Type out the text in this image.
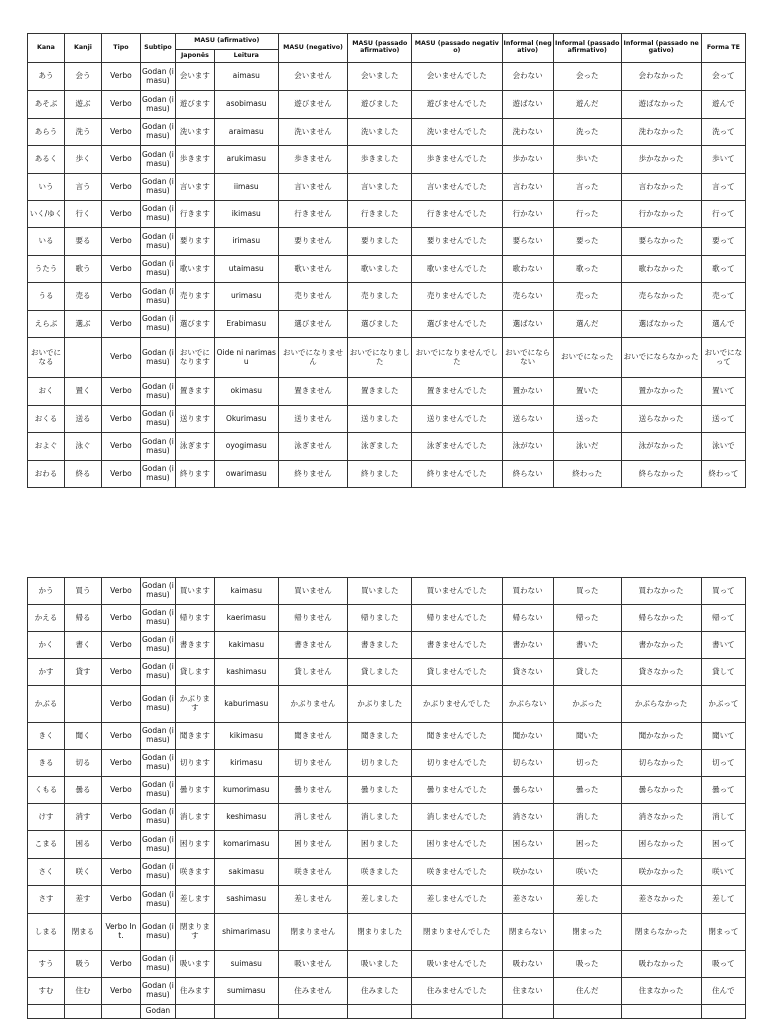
Kana	Kanji	Tipo	Subtipo	MASU (afirmativo)		MASU (negativo)	MASU (passado afirmativo)	MASU (passado negativo)	Informal (negativo)	Informal (passado afirmativo)	Informal (passado negativo)	Forma TE
				Japonês	Leitura							
あう	会う	Verbo	Godan (imasu)	会います	aimasu	会いません	会いました	会いませんでした	会わない	会った	会わなかった	会って
あそぶ	遊ぶ	Verbo	Godan (imasu)	遊びます	asobimasu	遊びません	遊びました	遊びませんでした	遊ばない	遊んだ	遊ばなかった	遊んで
あらう	洗う	Verbo	Godan (imasu)	洗います	araimasu	洗いません	洗いました	洗いませんでした	洗わない	洗った	洗わなかった	洗って
あるく	歩く	Verbo	Godan (imasu)	歩きます	arukimasu	歩きません	歩きました	歩きませんでした	歩かない	歩いた	歩かなかった	歩いて
いう	言う	Verbo	Godan (imasu)	言います	iimasu	言いません	言いました	言いませんでした	言わない	言った	言わなかった	言って
いく/ゆく	行く	Verbo	Godan (imasu)	行きます	ikimasu	行きません	行きました	行きませんでした	行かない	行った	行かなかった	行って
いる	要る	Verbo	Godan (imasu)	要ります	irimasu	要りません	要りました	要りませんでした	要らない	要った	要らなかった	要って
うたう	歌う	Verbo	Godan (imasu)	歌います	utaimasu	歌いません	歌いました	歌いませんでした	歌わない	歌った	歌わなかった	歌って
うる	売る	Verbo	Godan (imasu)	売ります	urimasu	売りません	売りました	売りませんでした	売らない	売った	売らなかった	売って
えらぶ	選ぶ	Verbo	Godan (imasu)	選びます	Erabimasu	選びません	選びました	選びませんでした	選ばない	選んだ	選ばなかった	選んで
おいでになる		Verbo	Godan (imasu)	おいでになります	Oide ni narimasu	おいでになりません	おいでになりました	おいでになりませんでした	おいでにならない	おいでになった	おいでにならなかった	おいでになって
おく	置く	Verbo	Godan (imasu)	置きます	okimasu	置きません	置きました	置きませんでした	置かない	置いた	置かなかった	置いて
おくる	送る	Verbo	Godan (imasu)	送ります	Okurimasu	送りません	送りました	送りませんでした	送らない	送った	送らなかった	送って
およぐ	泳ぐ	Verbo	Godan (imasu)	泳ぎます	oyogimasu	泳ぎません	泳ぎました	泳ぎませんでした	泳がない	泳いだ	泳がなかった	泳いで
おわる	終る	Verbo	Godan (imasu)	終ります	owarimasu	終りません	終りました	終りませんでした	終らない	終わった	終らなかった	終わって
かう	買う	Verbo	Godan (imasu)	買います	kaimasu	買いません	買いました	買いませんでした	買わない	買った	買わなかった	買って
かえる	帰る	Verbo	Godan (imasu)	帰ります	kaerimasu	帰りません	帰りました	帰りませんでした	帰らない	帰った	帰らなかった	帰って
かく	書く	Verbo	Godan (imasu)	書きます	kakimasu	書きません	書きました	書きませんでした	書かない	書いた	書かなかった	書いて
かす	貸す	Verbo	Godan (imasu)	貸します	kashimasu	貸しません	貸しました	貸しませんでした	貸さない	貸した	貸さなかった	貸して
かぶる		Verbo	Godan (imasu)	かぶります	kaburimasu	かぶりません	かぶりました	かぶりませんでした	かぶらない	かぶった	かぶらなかった	かぶって
きく	聞く	Verbo	Godan (imasu)	聞きます	kikimasu	聞きません	聞きました	聞きませんでした	聞かない	聞いた	聞かなかった	聞いて
きる	切る	Verbo	Godan (imasu)	切ります	kirimasu	切りません	切りました	切りませんでした	切らない	切った	切らなかった	切って
くもる	曇る	Verbo	Godan (imasu)	曇ります	kumorimasu	曇りません	曇りました	曇りませんでした	曇らない	曇った	曇らなかった	曇って
けす	消す	Verbo	Godan (imasu)	消します	keshimasu	消しません	消しました	消しませんでした	消さない	消した	消さなかった	消して
こまる	困る	Verbo	Godan (imasu)	困ります	komarimasu	困りません	困りました	困りませんでした	困らない	困った	困らなかった	困って
さく	咲く	Verbo	Godan (imasu)	咲きます	sakimasu	咲きません	咲きました	咲きませんでした	咲かない	咲いた	咲かなかった	咲いて
さす	差す	Verbo	Godan (imasu)	差します	sashimasu	差しません	差しました	差しませんでした	差さない	差した	差さなかった	差して
しまる	閉まる	Verbo Int.	Godan (imasu)	閉まります	shimarimasu	閉まりません	閉まりました	閉まりませんでした	閉まらない	閉まった	閉まらなかった	閉まって
すう	吸う	Verbo	Godan (imasu)	吸います	suimasu	吸いません	吸いました	吸いませんでした	吸わない	吸った	吸わなかった	吸って
すむ	住む	Verbo	Godan (imasu)	住みます	sumimasu	住みません	住みました	住みませんでした	住まない	住んだ	住まなかった	住んで
			Godan									
